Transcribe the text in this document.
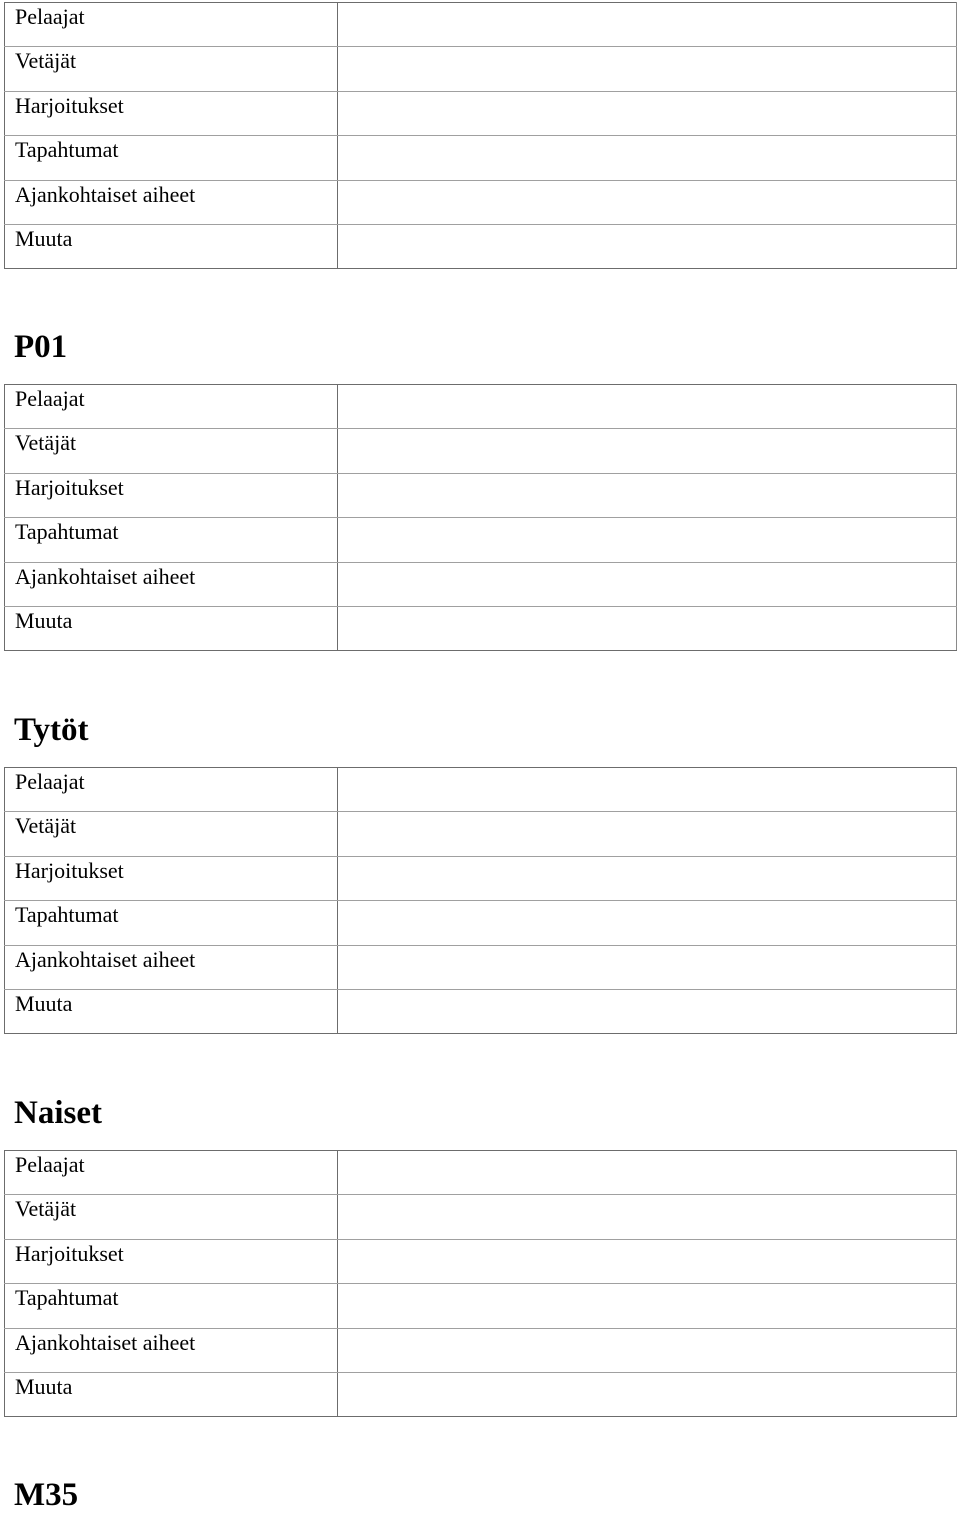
Pelaajat	
Vetäjät	
Harjoitukset	
Tapahtumat	
Ajankohtaiset aiheet	
Muuta	
P01
Pelaajat	
Vetäjät	
Harjoitukset	
Tapahtumat	
Ajankohtaiset aiheet	
Muuta	
Tytöt
Pelaajat	
Vetäjät	
Harjoitukset	
Tapahtumat	
Ajankohtaiset aiheet	
Muuta	
Naiset
Pelaajat	
Vetäjät	
Harjoitukset	
Tapahtumat	
Ajankohtaiset aiheet	
Muuta	
M35
